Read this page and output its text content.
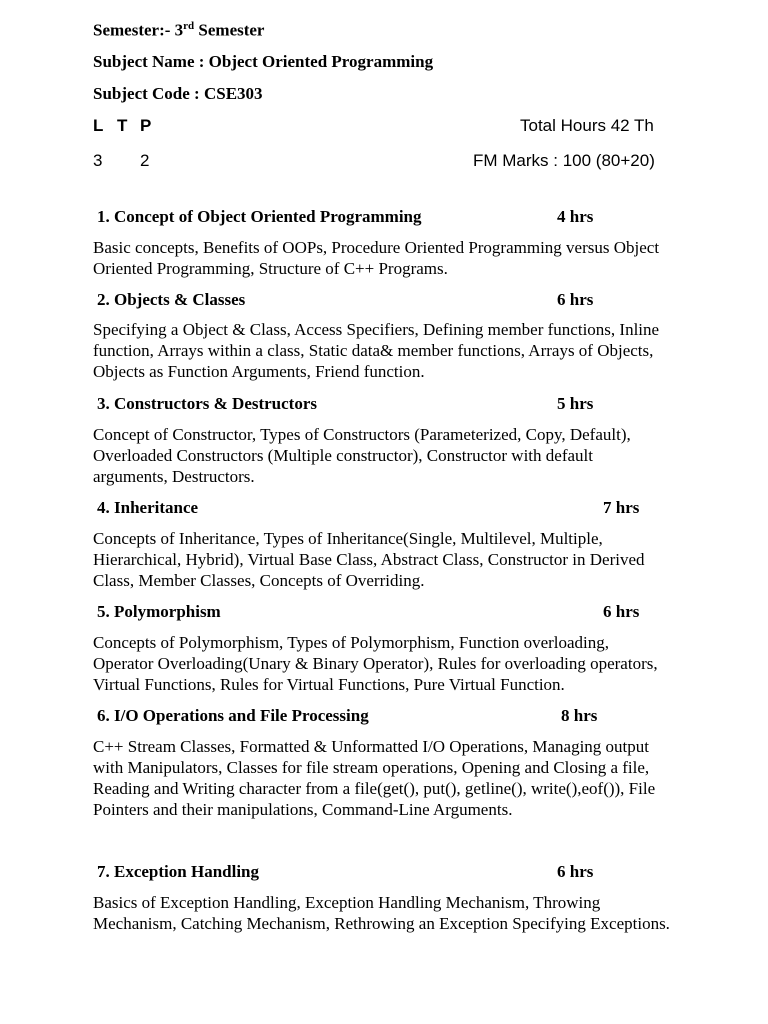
Semester:- 3rd Semester
Subject Name : Object Oriented Programming
Subject Code : CSE303
L T P	Total Hours 42 Th
3 2	FM Marks : 100 (80+20)
1. Concept of Object Oriented Programming	4 hrs
Basic concepts, Benefits of OOPs, Procedure Oriented Programming versus Object
Oriented Programming, Structure of C++ Programs.
2. Objects & Classes	6 hrs
Specifying a Object & Class, Access Specifiers, Defining member functions, Inline
function, Arrays within a class, Static data& member functions, Arrays of Objects,
Objects as Function Arguments, Friend function.
3. Constructors & Destructors	5 hrs
Concept of Constructor, Types of Constructors (Parameterized, Copy, Default),
Overloaded Constructors (Multiple constructor), Constructor with default
arguments, Destructors.
4. Inheritance	7 hrs
Concepts of Inheritance, Types of Inheritance(Single, Multilevel, Multiple,
Hierarchical, Hybrid), Virtual Base Class, Abstract Class, Constructor in Derived
Class, Member Classes, Concepts of Overriding.
5. Polymorphism	6 hrs
Concepts of Polymorphism, Types of Polymorphism, Function overloading,
Operator Overloading(Unary & Binary Operator), Rules for overloading operators,
Virtual Functions, Rules for Virtual Functions, Pure Virtual Function.
6. I/O Operations and File Processing	8 hrs
C++ Stream Classes, Formatted & Unformatted I/O Operations, Managing output
with Manipulators, Classes for file stream operations, Opening and Closing a file,
Reading and Writing character from a file(get(), put(), getline(), write(),eof()), File
Pointers and their manipulations, Command-Line Arguments.
7. Exception Handling	6 hrs
Basics of Exception Handling, Exception Handling Mechanism, Throwing
Mechanism, Catching Mechanism, Rethrowing an Exception Specifying Exceptions.
